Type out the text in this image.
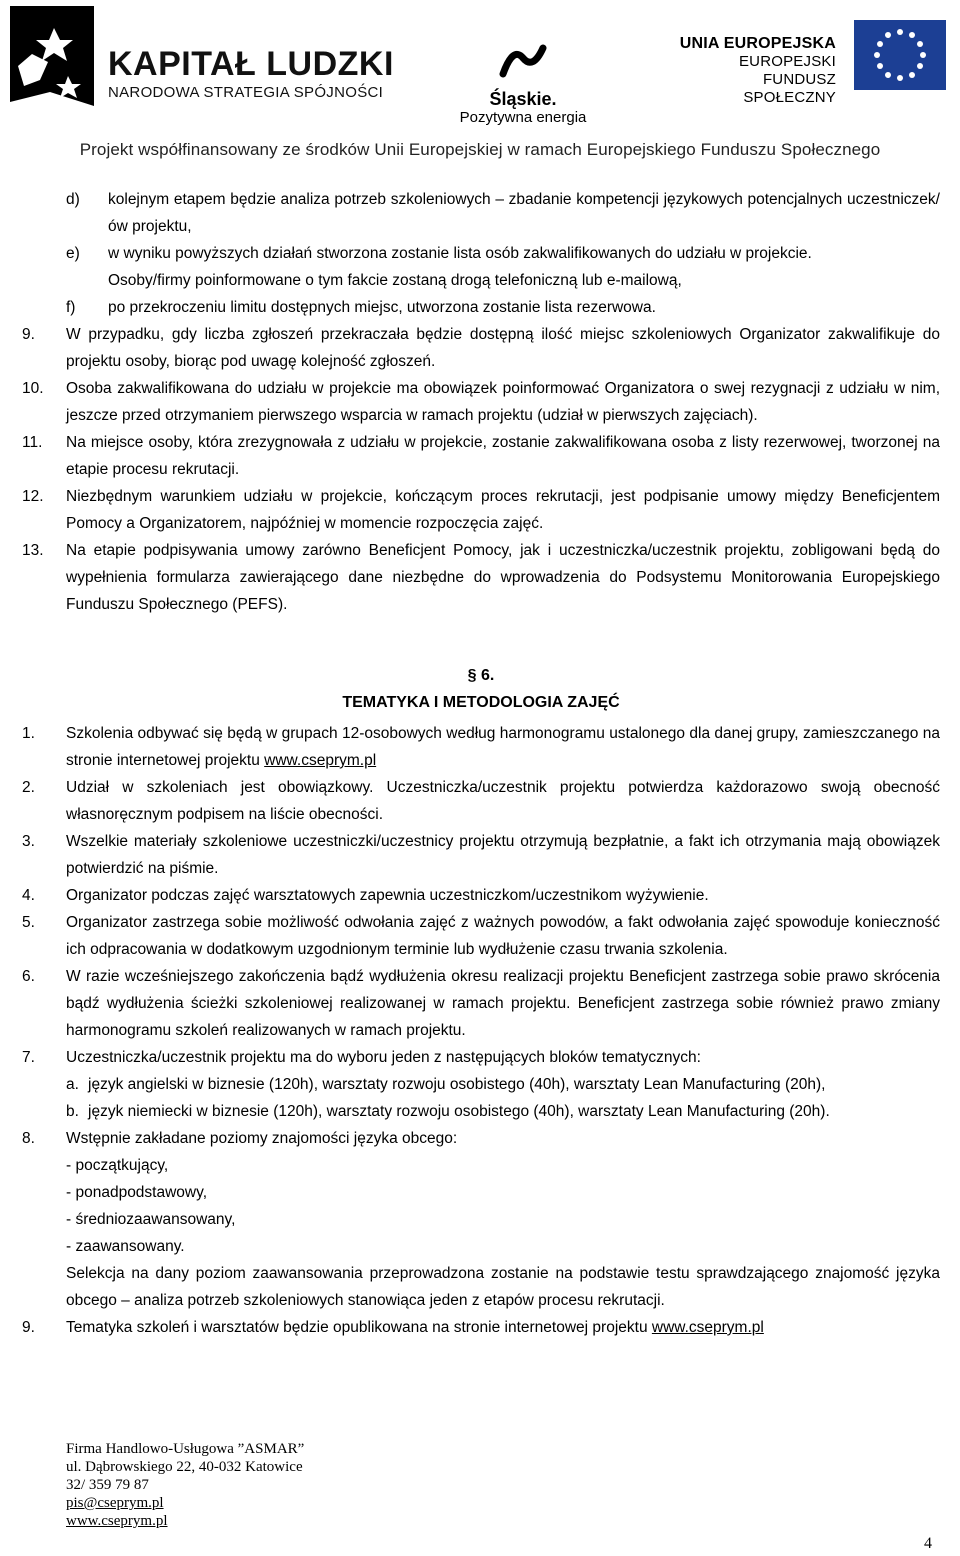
KAPITAŁ LUDZKI
NARODOWA STRATEGIA SPÓJNOŚCI	Śląskie.
Pozytywna energia
UNIA EUROPEJSKA
EUROPEJSKI
FUNDUSZ SPOŁECZNY
Projekt współfinansowany ze środków Unii Europejskiej w ramach Europejskiego Funduszu Społecznego
d) kolejnym etapem będzie analiza potrzeb szkoleniowych – zbadanie kompetencji językowych potencjalnych uczestniczek/ów projektu,
e) w wyniku powyższych działań stworzona zostanie lista osób zakwalifikowanych do udziału w projekcie.
Osoby/firmy poinformowane o tym fakcie zostaną drogą telefoniczną lub e-mailową,
f) po przekroczeniu limitu dostępnych miejsc, utworzona zostanie lista rezerwowa.
9. W przypadku, gdy liczba zgłoszeń przekraczała będzie dostępną ilość miejsc szkoleniowych Organizator zakwalifikuje do projektu osoby, biorąc pod uwagę kolejność zgłoszeń.
10. Osoba zakwalifikowana do udziału w projekcie ma obowiązek poinformować Organizatora o swej rezygnacji z udziału w nim, jeszcze przed otrzymaniem pierwszego wsparcia w ramach projektu (udział w pierwszych zajęciach).
11. Na miejsce osoby, która zrezygnowała z udziału w projekcie, zostanie zakwalifikowana osoba z listy rezerwowej, tworzonej na etapie procesu rekrutacji.
12. Niezbędnym warunkiem udziału w projekcie, kończącym proces rekrutacji, jest podpisanie umowy między Beneficjentem Pomocy a Organizatorem, najpóźniej w momencie rozpoczęcia zajęć.
13. Na etapie podpisywania umowy zarówno Beneficjent Pomocy, jak i uczestniczka/uczestnik projektu, zobligowani będą do wypełnienia formularza zawierającego dane niezbędne do wprowadzenia do Podsystemu Monitorowania Europejskiego Funduszu Społecznego (PEFS).
§ 6.
TEMATYKA I METODOLOGIA ZAJĘĆ
1. Szkolenia odbywać się będą w grupach 12-osobowych według harmonogramu ustalonego dla danej grupy, zamieszczanego na stronie internetowej projektu www.cseprym.pl
2. Udział w szkoleniach jest obowiązkowy. Uczestniczka/uczestnik projektu potwierdza każdorazowo swoją obecność własnoręcznym podpisem na liście obecności.
3. Wszelkie materiały szkoleniowe uczestniczki/uczestnicy projektu otrzymują bezpłatnie, a fakt ich otrzymania mają obowiązek potwierdzić na piśmie.
4. Organizator podczas zajęć warsztatowych zapewnia uczestniczkom/uczestnikom wyżywienie.
5. Organizator zastrzega sobie możliwość odwołania zajęć z ważnych powodów, a fakt odwołania zajęć spowoduje konieczność ich odpracowania w dodatkowym uzgodnionym terminie lub wydłużenie czasu trwania szkolenia.
6. W razie wcześniejszego zakończenia bądź wydłużenia okresu realizacji projektu Beneficjent zastrzega sobie prawo skrócenia bądź wydłużenia ścieżki szkoleniowej realizowanej w ramach projektu. Beneficjent zastrzega sobie również prawo zmiany harmonogramu szkoleń realizowanych w ramach projektu.
7. Uczestniczka/uczestnik projektu ma do wyboru jeden z następujących bloków tematycznych:
a. język angielski w biznesie (120h), warsztaty rozwoju osobistego (40h), warsztaty Lean Manufacturing (20h),
b. język niemiecki w biznesie (120h), warsztaty rozwoju osobistego (40h), warsztaty Lean Manufacturing (20h).
8. Wstępnie zakładane poziomy znajomości języka obcego:
- początkujący,
- ponadpodstawowy,
- średniozaawansowany,
- zaawansowany.
Selekcja na dany poziom zaawansowania przeprowadzona zostanie na podstawie testu sprawdzającego znajomość języka obcego – analiza potrzeb szkoleniowych stanowiąca jeden z etapów procesu rekrutacji.
9. Tematyka szkoleń i warsztatów będzie opublikowana na stronie internetowej projektu www.cseprym.pl
Firma Handlowo-Usługowa ”ASMAR”
ul. Dąbrowskiego 22, 40-032 Katowice
32/ 359 79 87
pis@cseprym.pl
www.cseprym.pl
4
